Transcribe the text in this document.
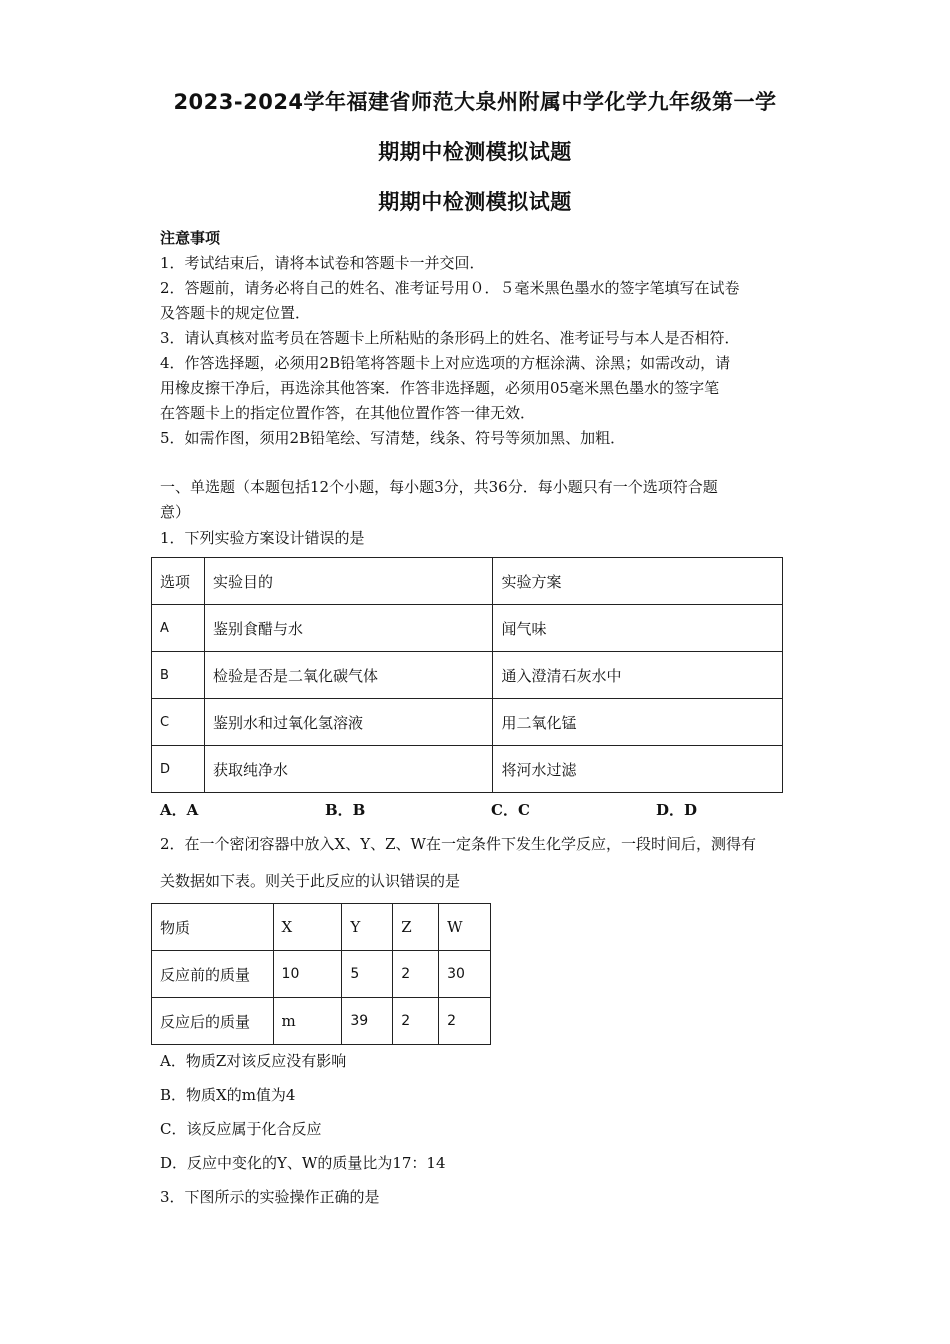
2023-2024学年福建省师范大泉州附属中学化学九年级第一学
期期中检测模拟试题
期期中检测模拟试题
注意事项
1．考试结束后，请将本试卷和答题卡一并交回．
2．答题前，请务必将自己的姓名、准考证号用０．５毫米黑色墨水的签字笔填写在试卷
及答题卡的规定位置．
3．请认真核对监考员在答题卡上所粘贴的条形码上的姓名、准考证号与本人是否相符．
4．作答选择题，必须用2B铅笔将答题卡上对应选项的方框涂满、涂黑；如需改动，请
用橡皮擦干净后，再选涂其他答案．作答非选择题，必须用05毫米黑色墨水的签字笔
在答题卡上的指定位置作答，在其他位置作答一律无效．
5．如需作图，须用2B铅笔绘、写清楚，线条、符号等须加黑、加粗．
一、单选题（本题包括12个小题，每小题3分，共36分．每小题只有一个选项符合题
意）
1．下列实验方案设计错误的是
选项	实验目的	实验方案
A	鉴别食醋与水	闻气味
B	检验是否是二氧化碳气体	通入澄清石灰水中
C	鉴别水和过氧化氢溶液	用二氧化锰
D	获取纯净水	将河水过滤
A．A	B．B	C．C	D．D
2．在一个密闭容器中放入X、Y、Z、W在一定条件下发生化学反应，一段时间后，测得有
关数据如下表。则关于此反应的认识错误的是
物质	X	Y	Z	W
反应前的质量	10	5	2	30
反应后的质量	m	39	2	2
A．物质Z对该反应没有影响
B．物质X的m值为4
C．该反应属于化合反应
D．反应中变化的Y、W的质量比为17：14
3．下图所示的实验操作正确的是
